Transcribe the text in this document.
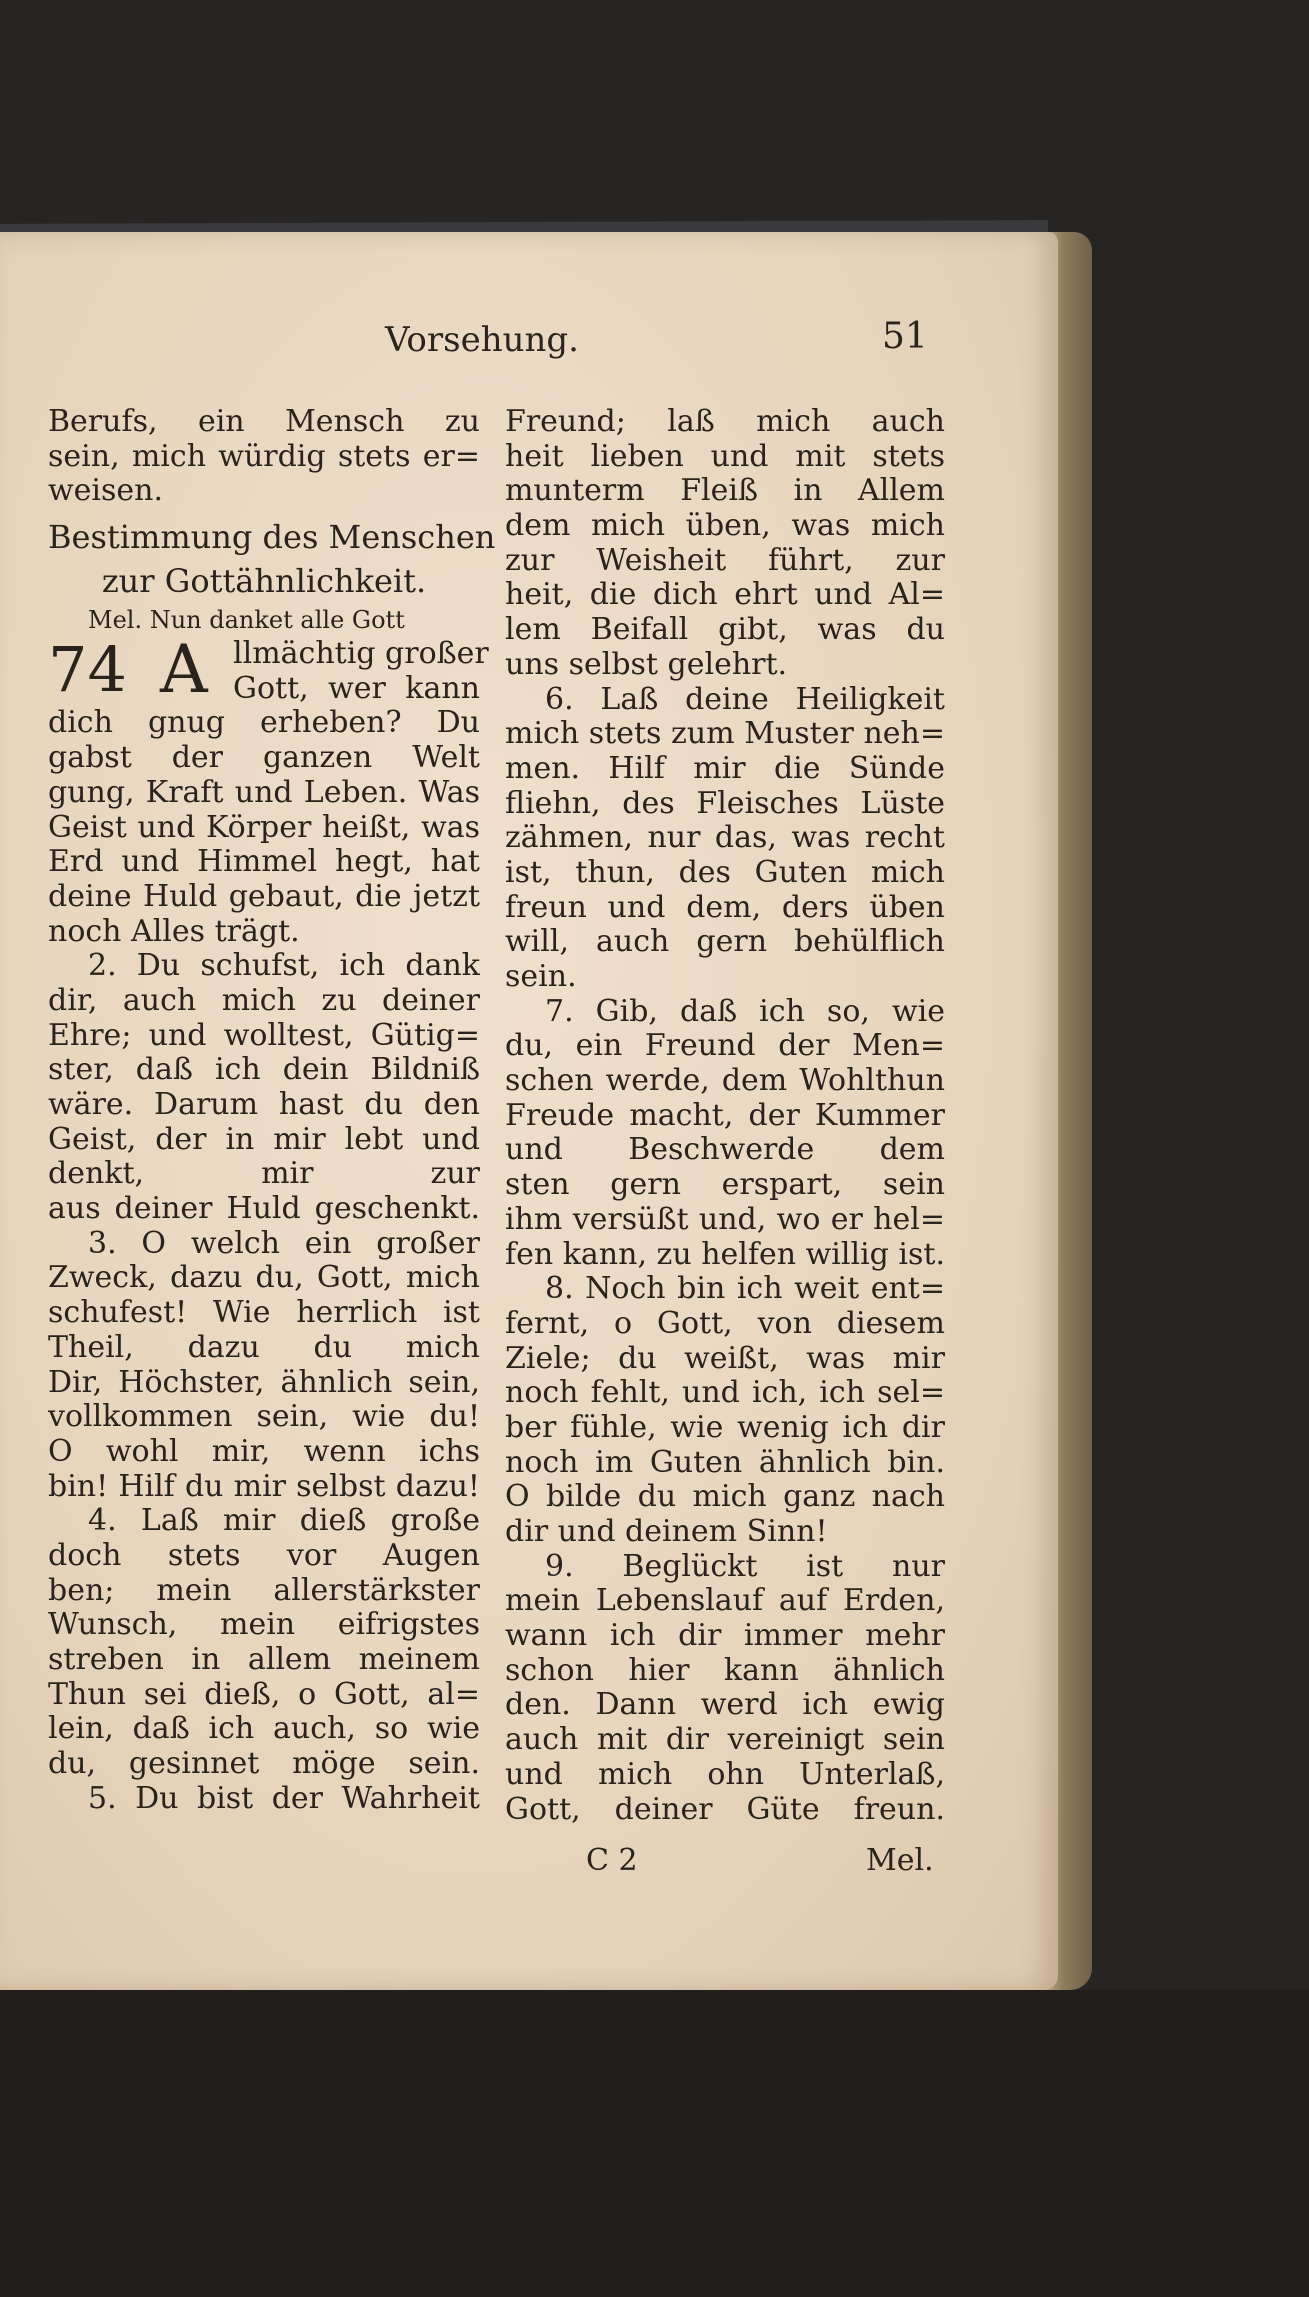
Vorsehung.	51
Berufs, ein Mensch zu
sein, mich würdig stets er=
weisen.
Bestimmung des Menschen
zur Gottähnlichkeit.
Mel. Nun danket alle Gott
74 A llmächtig großer
Gott, wer kann
dich gnug erheben? Du
gabst der ganzen Welt
gung, Kraft und Leben. Was
Geist und Körper heißt, was
Erd und Himmel hegt, hat
deine Huld gebaut, die jetzt
noch Alles trägt.
2. Du schufst, ich dank
dir, auch mich zu deiner
Ehre; und wolltest, Gütig=
ster, daß ich dein Bildniß
wäre. Darum hast du den
Geist, der in mir lebt und
denkt, mir zur
aus deiner Huld geschenkt.
3. O welch ein großer
Zweck, dazu du, Gott, mich
schufest! Wie herrlich ist
Theil, dazu du mich
Dir, Höchster, ähnlich sein,
vollkommen sein, wie du!
O wohl mir, wenn ichs
bin! Hilf du mir selbst dazu!
4. Laß mir dieß große
doch stets vor Augen
ben; mein allerstärkster
Wunsch, mein eifrigstes
streben in allem meinem
Thun sei dieß, o Gott, al=
lein, daß ich auch, so wie
du, gesinnet möge sein.
5. Du bist der Wahrheit
Freund; laß mich auch
heit lieben und mit stets
munterm Fleiß in Allem
dem mich üben, was mich
zur Weisheit führt, zur
heit, die dich ehrt und Al=
lem Beifall gibt, was du
uns selbst gelehrt.
6. Laß deine Heiligkeit
mich stets zum Muster neh=
men. Hilf mir die Sünde
fliehn, des Fleisches Lüste
zähmen, nur das, was recht
ist, thun, des Guten mich
freun und dem, ders üben
will, auch gern behülflich
sein.
7. Gib, daß ich so, wie
du, ein Freund der Men=
schen werde, dem Wohlthun
Freude macht, der Kummer
und Beschwerde dem
sten gern erspart, sein
ihm versüßt und, wo er hel=
fen kann, zu helfen willig ist.
8. Noch bin ich weit ent=
fernt, o Gott, von diesem
Ziele; du weißt, was mir
noch fehlt, und ich, ich sel=
ber fühle, wie wenig ich dir
noch im Guten ähnlich bin.
O bilde du mich ganz nach
dir und deinem Sinn!
9. Beglückt ist nur
mein Lebenslauf auf Erden,
wann ich dir immer mehr
schon hier kann ähnlich
den. Dann werd ich ewig
auch mit dir vereinigt sein
und mich ohn Unterlaß,
Gott, deiner Güte freun.
C 2	Mel.
